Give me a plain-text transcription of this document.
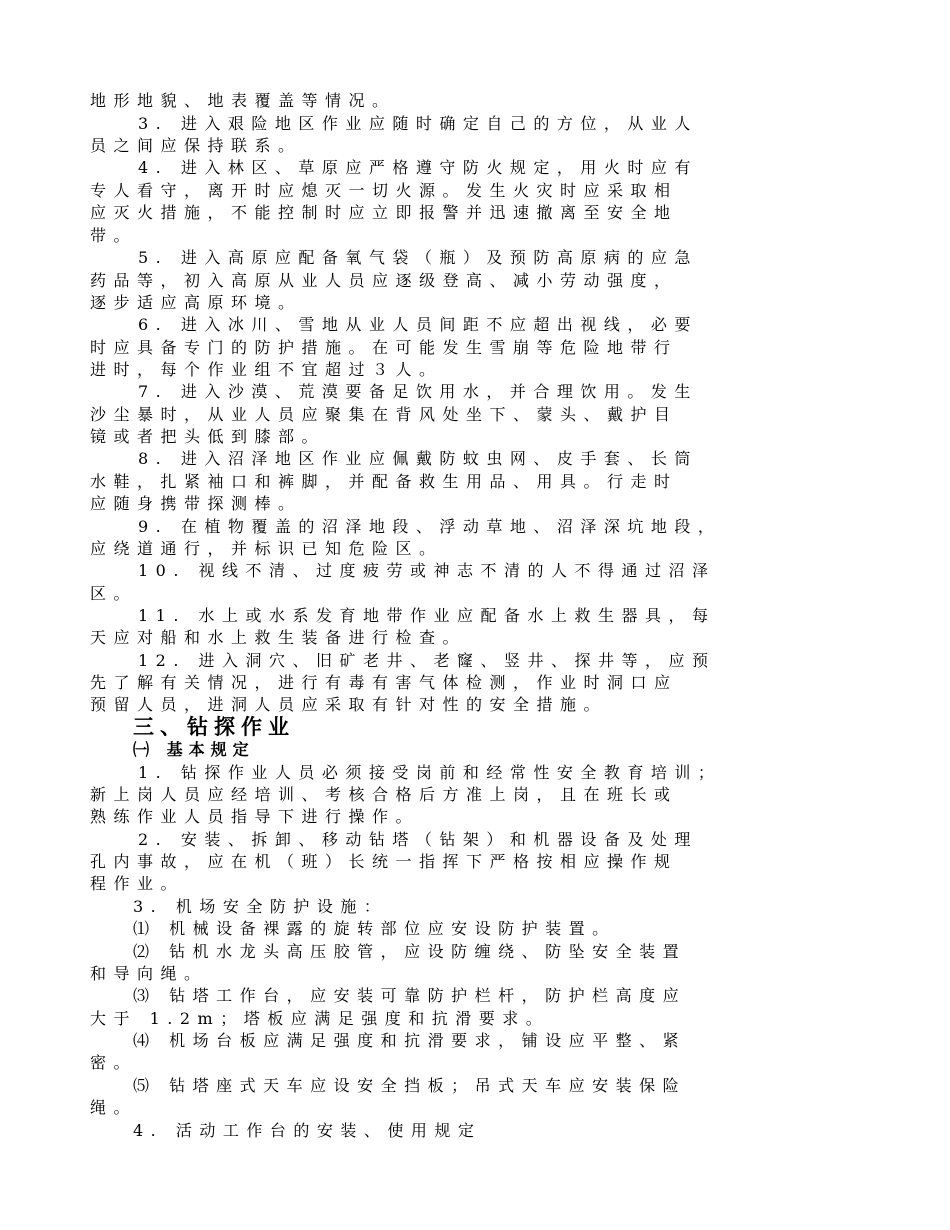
地形地貌、地表覆盖等情况。
3. 进入艰险地区作业应随时确定自己的方位，从业人
员之间应保持联系。
4. 进入林区、草原应严格遵守防火规定，用火时应有
专人看守，离开时应熄灭一切火源。发生火灾时应采取相
应灭火措施，不能控制时应立即报警并迅速撤离至安全地
带。
5. 进入高原应配备氧气袋（瓶）及预防高原病的应急
药品等，初入高原从业人员应逐级登高、减小劳动强度，
逐步适应高原环境。
6. 进入冰川、雪地从业人员间距不应超出视线，必要
时应具备专门的防护措施。在可能发生雪崩等危险地带行
进时，每个作业组不宜超过３人。
7. 进入沙漠、荒漠要备足饮用水，并合理饮用。发生
沙尘暴时，从业人员应聚集在背风处坐下、蒙头、戴护目
镜或者把头低到膝部。
8. 进入沼泽地区作业应佩戴防蚊虫网、皮手套、长筒
水鞋，扎紧袖口和裤脚，并配备救生用品、用具。行走时
应随身携带探测棒。
9. 在植物覆盖的沼泽地段、浮动草地、沼泽深坑地段，
应绕道通行，并标识已知危险区。
10. 视线不清、过度疲劳或神志不清的人不得通过沼泽
区。
11. 水上或水系发育地带作业应配备水上救生器具，每
天应对船和水上救生装备进行检查。
12. 进入洞穴、旧矿老井、老窿、竖井、探井等，应预
先了解有关情况，进行有毒有害气体检测，作业时洞口应
预留人员，进洞人员应采取有针对性的安全措施。
三、钻探作业
㈠ 基本规定
1. 钻探作业人员必须接受岗前和经常性安全教育培训；
新上岗人员应经培训、考核合格后方准上岗，且在班长或
熟练作业人员指导下进行操作。
2. 安装、拆卸、移动钻塔（钻架）和机器设备及处理
孔内事故，应在机（班）长统一指挥下严格按相应操作规
程作业。
3. 机场安全防护设施：
⑴ 机械设备裸露的旋转部位应安设防护装置。
⑵ 钻机水龙头高压胶管，应设防缠绕、防坠安全装置
和导向绳。
⑶ 钻塔工作台，应安装可靠防护栏杆，防护栏高度应
大于 1.2m；塔板应满足强度和抗滑要求。
⑷ 机场台板应满足强度和抗滑要求，铺设应平整、紧
密。
⑸ 钻塔座式天车应设安全挡板；吊式天车应安装保险
绳。
4. 活动工作台的安装、使用规定
